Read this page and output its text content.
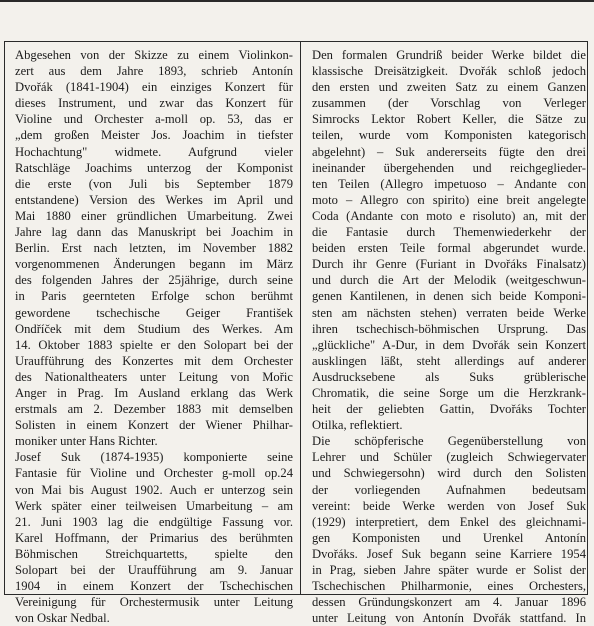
Abgesehen von der Skizze zu einem Violinkon-
zert aus dem Jahre 1893, schrieb Antonín
Dvořák (1841-1904) ein einziges Konzert für
dieses Instrument, und zwar das Konzert für
Violine und Orchester a-moll op. 53, das er
„dem großen Meister Jos. Joachim in tiefster
Hochachtung" widmete. Aufgrund vieler
Ratschläge Joachims unterzog der Komponist
die erste (von Juli bis September 1879
entstandene) Version des Werkes im April und
Mai 1880 einer gründlichen Umarbeitung. Zwei
Jahre lag dann das Manuskript bei Joachim in
Berlin. Erst nach letzten, im November 1882
vorgenommenen Änderungen begann im März
des folgenden Jahres der 25jährige, durch seine
in Paris geernteten Erfolge schon berühmt
gewordene tschechische Geiger František
Ondříček mit dem Studium des Werkes. Am
14. Oktober 1883 spielte er den Solopart bei der
Uraufführung des Konzertes mit dem Orchester
des Nationaltheaters unter Leitung von Mořic
Anger in Prag. Im Ausland erklang das Werk
erstmals am 2. Dezember 1883 mit demselben
Solisten in einem Konzert der Wiener Philhar-
moniker unter Hans Richter.
Josef Suk (1874-1935) komponierte seine
Fantasie für Violine und Orchester g-moll op.24
von Mai bis August 1902. Auch er unterzog sein
Werk später einer teilweisen Umarbeitung – am
21. Juni 1903 lag die endgültige Fassung vor.
Karel Hoffmann, der Primarius des berühmten
Böhmischen Streichquartetts, spielte den
Solopart bei der Uraufführung am 9. Januar
1904 in einem Konzert der Tschechischen
Vereinigung für Orchestermusik unter Leitung
von Oskar Nedbal.
Den formalen Grundriß beider Werke bildet die
klassische Dreisätzigkeit. Dvořák schloß jedoch
den ersten und zweiten Satz zu einem Ganzen
zusammen (der Vorschlag von Verleger
Simrocks Lektor Robert Keller, die Sätze zu
teilen, wurde vom Komponisten kategorisch
abgelehnt) – Suk andererseits fügte den drei
ineinander übergehenden und reichgeglieder-
ten Teilen (Allegro impetuoso – Andante con
moto – Allegro con spirito) eine breit angelegte
Coda (Andante con moto e risoluto) an, mit der
die Fantasie durch Themenwiederkehr der
beiden ersten Teile formal abgerundet wurde.
Durch ihr Genre (Furiant in Dvořáks Finalsatz)
und durch die Art der Melodik (weitgeschwun-
genen Kantilenen, in denen sich beide Komponi-
sten am nächsten stehen) verraten beide Werke
ihren tschechisch-böhmischen Ursprung. Das
„glückliche" A-Dur, in dem Dvořák sein Konzert
ausklingen läßt, steht allerdings auf anderer
Ausdrucksebene als Suks grüblerische
Chromatik, die seine Sorge um die Herzkrank-
heit der geliebten Gattin, Dvořáks Tochter
Otilka, reflektiert.
Die schöpferische Gegenüberstellung von
Lehrer und Schüler (zugleich Schwiegervater
und Schwiegersohn) wird durch den Solisten
der vorliegenden Aufnahmen bedeutsam
vereint: beide Werke werden von Josef Suk
(1929) interpretiert, dem Enkel des gleichnami-
gen Komponisten und Urenkel Antonín
Dvořáks. Josef Suk begann seine Karriere 1954
in Prag, sieben Jahre später wurde er Solist der
Tschechischen Philharmonie, eines Orchesters,
dessen Gründungskonzert am 4. Januar 1896
unter Leitung von Antonín Dvořák stattfand. In
